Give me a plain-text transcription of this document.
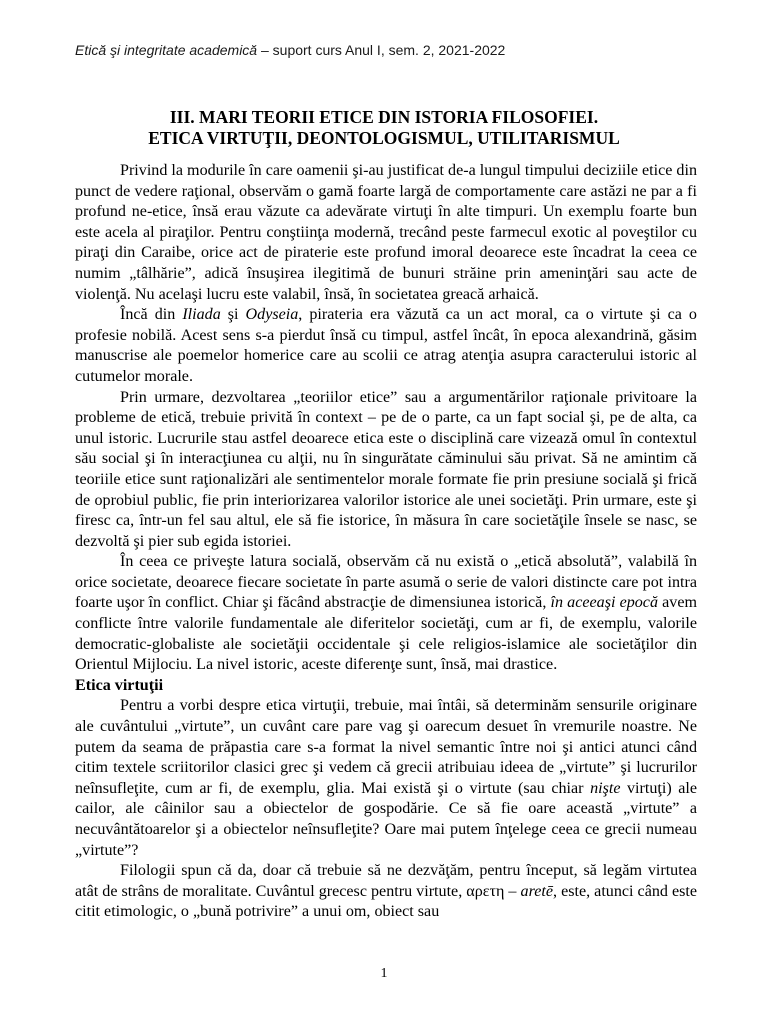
Etică şi integritate academică – suport curs Anul I, sem. 2, 2021-2022
III. MARI TEORII ETICE DIN ISTORIA FILOSOFIEI.
ETICA VIRTUŢII, DEONTOLOGISMUL, UTILITARISMUL

Privind la modurile în care oamenii şi-au justificat de-a lungul timpului deciziile etice din punct de vedere raţional, observăm o gamă foarte largă de comportamente care astăzi ne par a fi profund ne-etice, însă erau văzute ca adevărate virtuţi în alte timpuri. Un exemplu foarte bun este acela al piraţilor. Pentru conştiinţa modernă, trecând peste farmecul exotic al poveştilor cu piraţi din Caraibe, orice act de piraterie este profund imoral deoarece este încadrat la ceea ce numim „tâlhărie”, adică însuşirea ilegitimă de bunuri străine prin ameninţări sau acte de violenţă. Nu acelaşi lucru este valabil, însă, în societatea greacă arhaică.

Încă din Iliada şi Odyseia, pirateria era văzută ca un act moral, ca o virtute şi ca o profesie nobilă. Acest sens s-a pierdut însă cu timpul, astfel încât, în epoca alexandrină, găsim manuscrise ale poemelor homerice care au scolii ce atrag atenţia asupra caracterului istoric al cutumelor morale.

Prin urmare, dezvoltarea „teoriilor etice” sau a argumentărilor raţionale privitoare la probleme de etică, trebuie privită în context – pe de o parte, ca un fapt social şi, pe de alta, ca unul istoric. Lucrurile stau astfel deoarece etica este o disciplină care vizează omul în contextul său social şi în interacţiunea cu alţii, nu în singurătate căminului său privat. Să ne amintim că teoriile etice sunt raţionalizări ale sentimentelor morale formate fie prin presiune socială şi frică de oprobiul public, fie prin interiorizarea valorilor istorice ale unei societăţi. Prin urmare, este şi firesc ca, într-un fel sau altul, ele să fie istorice, în măsura în care societăţile însele se nasc, se dezvoltă şi pier sub egida istoriei.

În ceea ce priveşte latura socială, observăm că nu există o „etică absolută”, valabilă în orice societate, deoarece fiecare societate în parte asumă o serie de valori distincte care pot intra foarte uşor în conflict. Chiar şi făcând abstracţie de dimensiunea istorică, în aceeaşi epocă avem conflicte între valorile fundamentale ale diferitelor societăţi, cum ar fi, de exemplu, valorile democratic-globaliste ale societăţii occidentale şi cele religios-islamice ale societăţilor din Orientul Mijlociu. La nivel istoric, aceste diferenţe sunt, însă, mai drastice.

Etica virtuţii

Pentru a vorbi despre etica virtuţii, trebuie, mai întâi, să determinăm sensurile originare ale cuvântului „virtute”, un cuvânt care pare vag şi oarecum desuet în vremurile noastre. Ne putem da seama de prăpastia care s-a format la nivel semantic între noi şi antici atunci când citim textele scriitorilor clasici grec şi vedem că grecii atribuiau ideea de „virtute” şi lucrurilor neînsufleţite, cum ar fi, de exemplu, glia. Mai există şi o virtute (sau chiar nişte virtuţi) ale cailor, ale câinilor sau a obiectelor de gospodărie. Ce să fie oare această „virtute” a necuvântătoarelor şi a obiectelor neînsufleţite? Oare mai putem înţelege ceea ce grecii numeau „virtute”?

Filologii spun că da, doar că trebuie să ne dezvăţăm, pentru început, să legăm virtutea atât de strâns de moralitate. Cuvântul grecesc pentru virtute, αρετη – aretē, este, atunci când este citit etimologic, o „bună potrivire” a unui om, obiect sau

1
